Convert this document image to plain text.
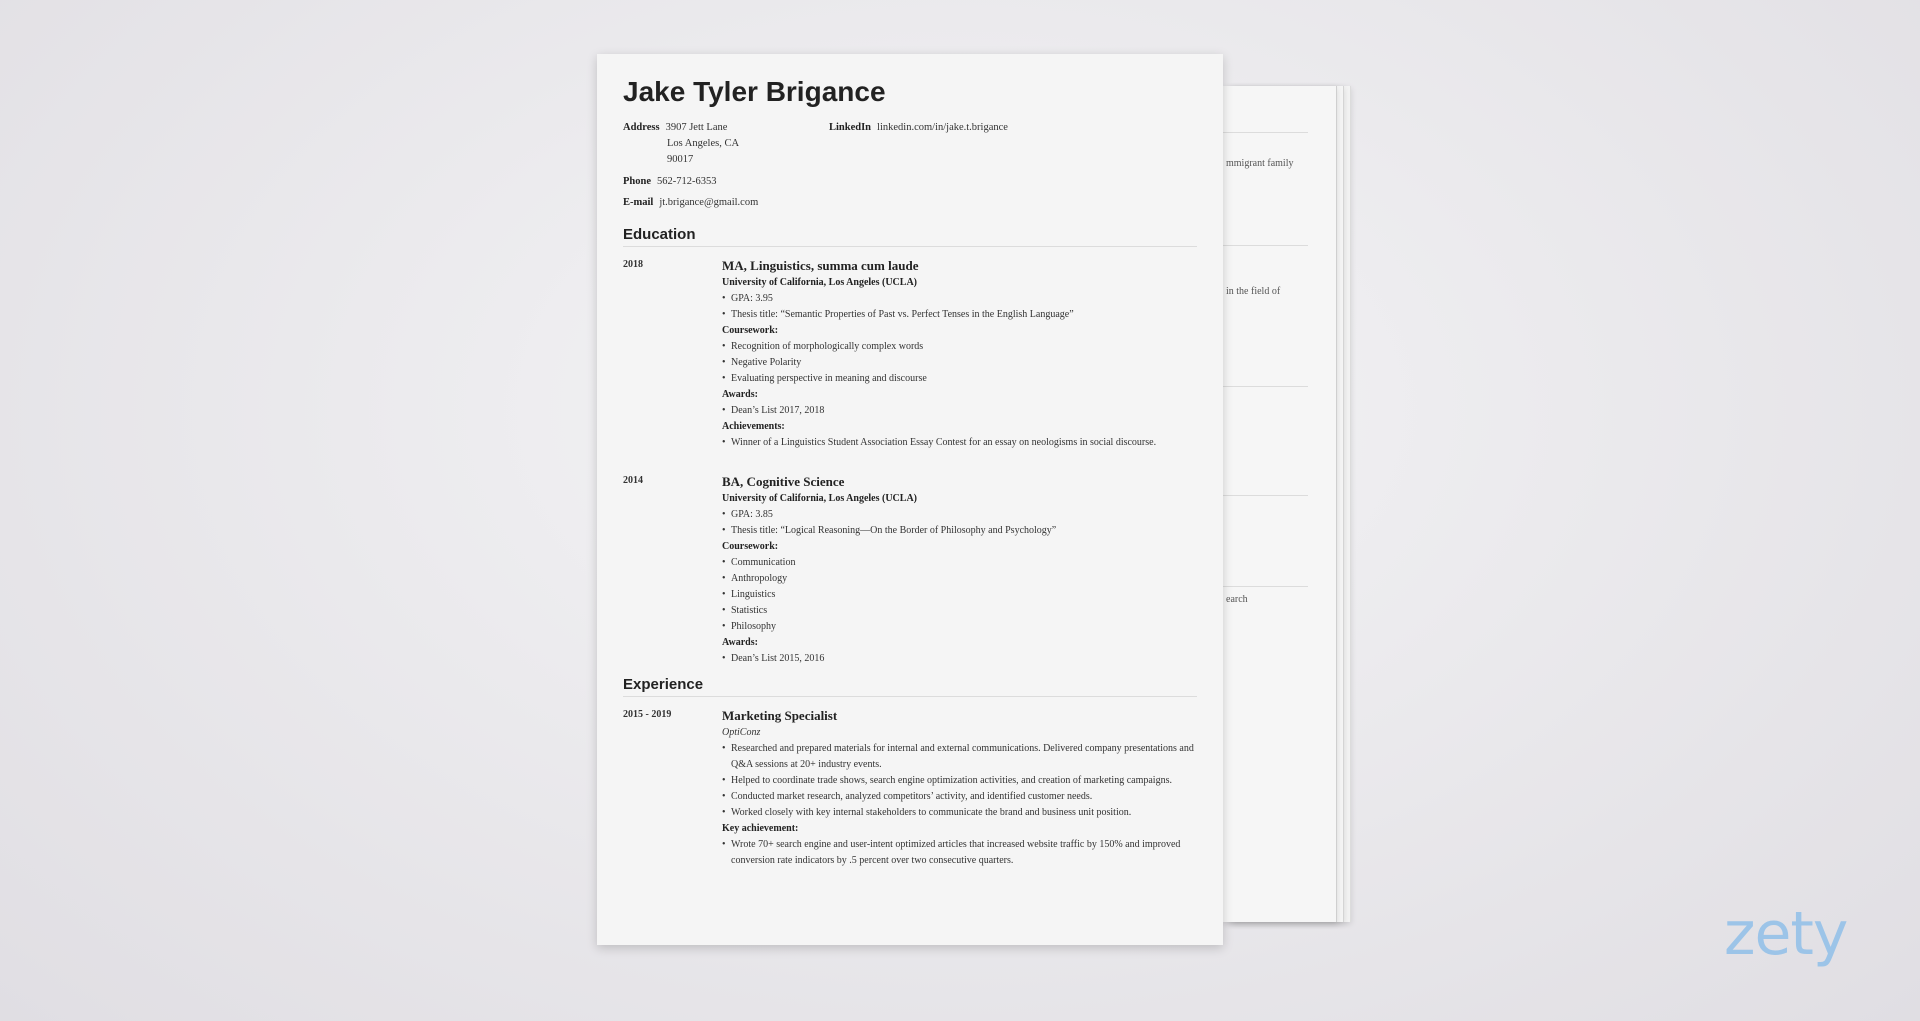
mmigrant family
in the field of
earch
Jake Tyler Brigance
Address 3907 Jett Lane
Los Angeles, CA
90017
Phone 562-712-6353
E-mail jt.brigance@gmail.com
LinkedIn linkedin.com/in/jake.t.brigance
Education
2018	MA, Linguistics, summa cum laude
University of California, Los Angeles (UCLA)
• GPA: 3.95
• Thesis title: “Semantic Properties of Past vs. Perfect Tenses in the English Language”
Coursework:
• Recognition of morphologically complex words
• Negative Polarity
• Evaluating perspective in meaning and discourse
Awards:
• Dean’s List 2017, 2018
Achievements:
• Winner of a Linguistics Student Association Essay Contest for an essay on neologisms in social discourse.
2014	BA, Cognitive Science
University of California, Los Angeles (UCLA)
• GPA: 3.85
• Thesis title: “Logical Reasoning—On the Border of Philosophy and Psychology”
Coursework:
• Communication
• Anthropology
• Linguistics
• Statistics
• Philosophy
Awards:
• Dean’s List 2015, 2016
Experience
2015 - 2019	Marketing Specialist
OptiConz
• Researched and prepared materials for internal and external communications. Delivered company presentations and Q&A sessions at 20+ industry events.
• Helped to coordinate trade shows, search engine optimization activities, and creation of marketing campaigns.
• Conducted market research, analyzed competitors’ activity, and identified customer needs.
• Worked closely with key internal stakeholders to communicate the brand and business unit position.
Key achievement:
• Wrote 70+ search engine and user-intent optimized articles that increased website traffic by 150% and improved conversion rate indicators by .5 percent over two consecutive quarters.
zety
